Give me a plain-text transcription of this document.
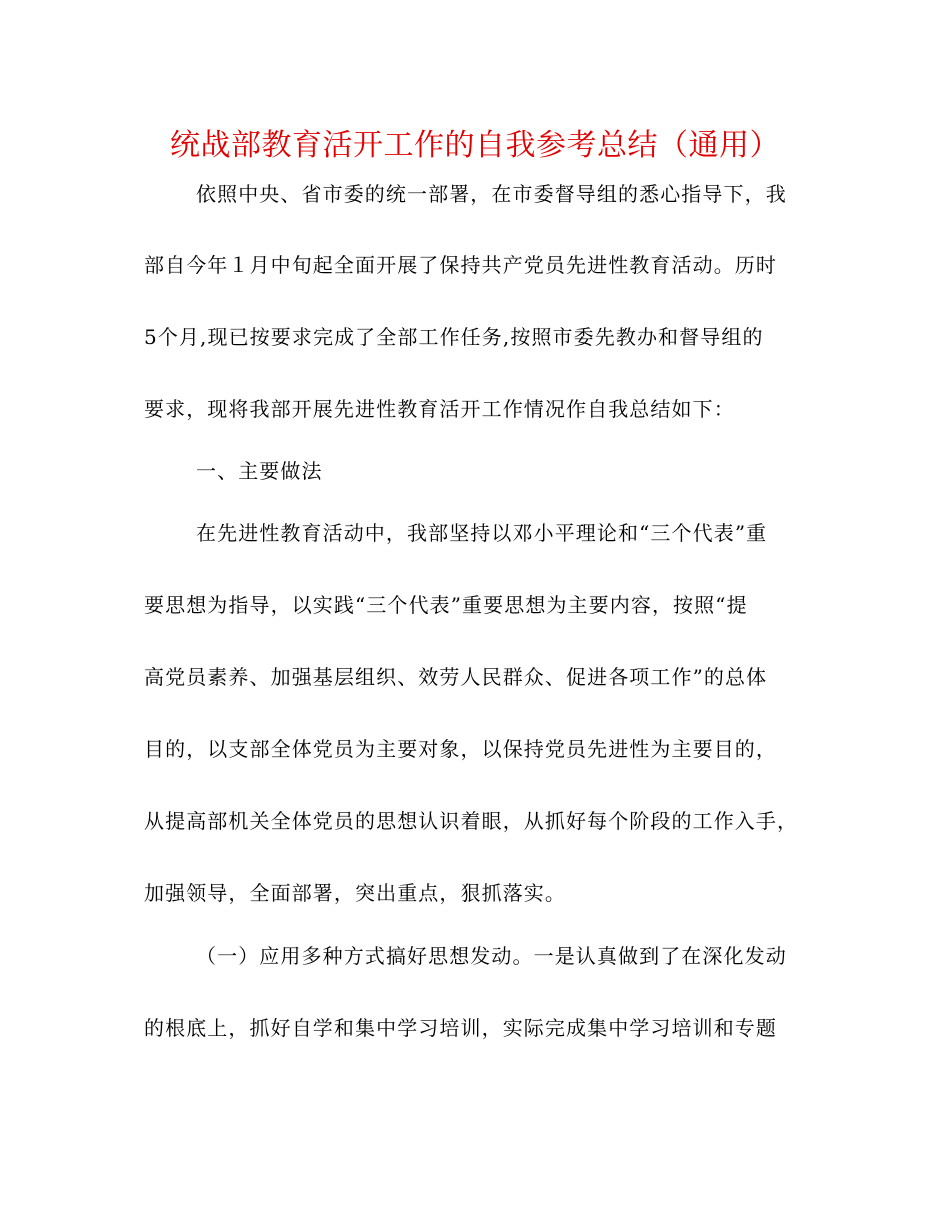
统战部教育活开工作的自我参考总结（通用）
依照中央、省市委的统一部署，在市委督导组的悉心指导下，我
部自今年１月中旬起全面开展了保持共产党员先进性教育活动。历时
5个月,现已按要求完成了全部工作任务,按照市委先教办和督导组的
要求，现将我部开展先进性教育活开工作情况作自我总结如下：
一、主要做法
在先进性教育活动中，我部坚持以邓小平理论和“三个代表”重
要思想为指导，以实践“三个代表”重要思想为主要内容，按照“提
高党员素养、加强基层组织、效劳人民群众、促进各项工作”的总体
目的，以支部全体党员为主要对象，以保持党员先进性为主要目的，
从提高部机关全体党员的思想认识着眼，从抓好每个阶段的工作入手，
加强领导，全面部署，突出重点，狠抓落实。
（一）应用多种方式搞好思想发动。一是认真做到了在深化发动
的根底上，抓好自学和集中学习培训，实际完成集中学习培训和专题
